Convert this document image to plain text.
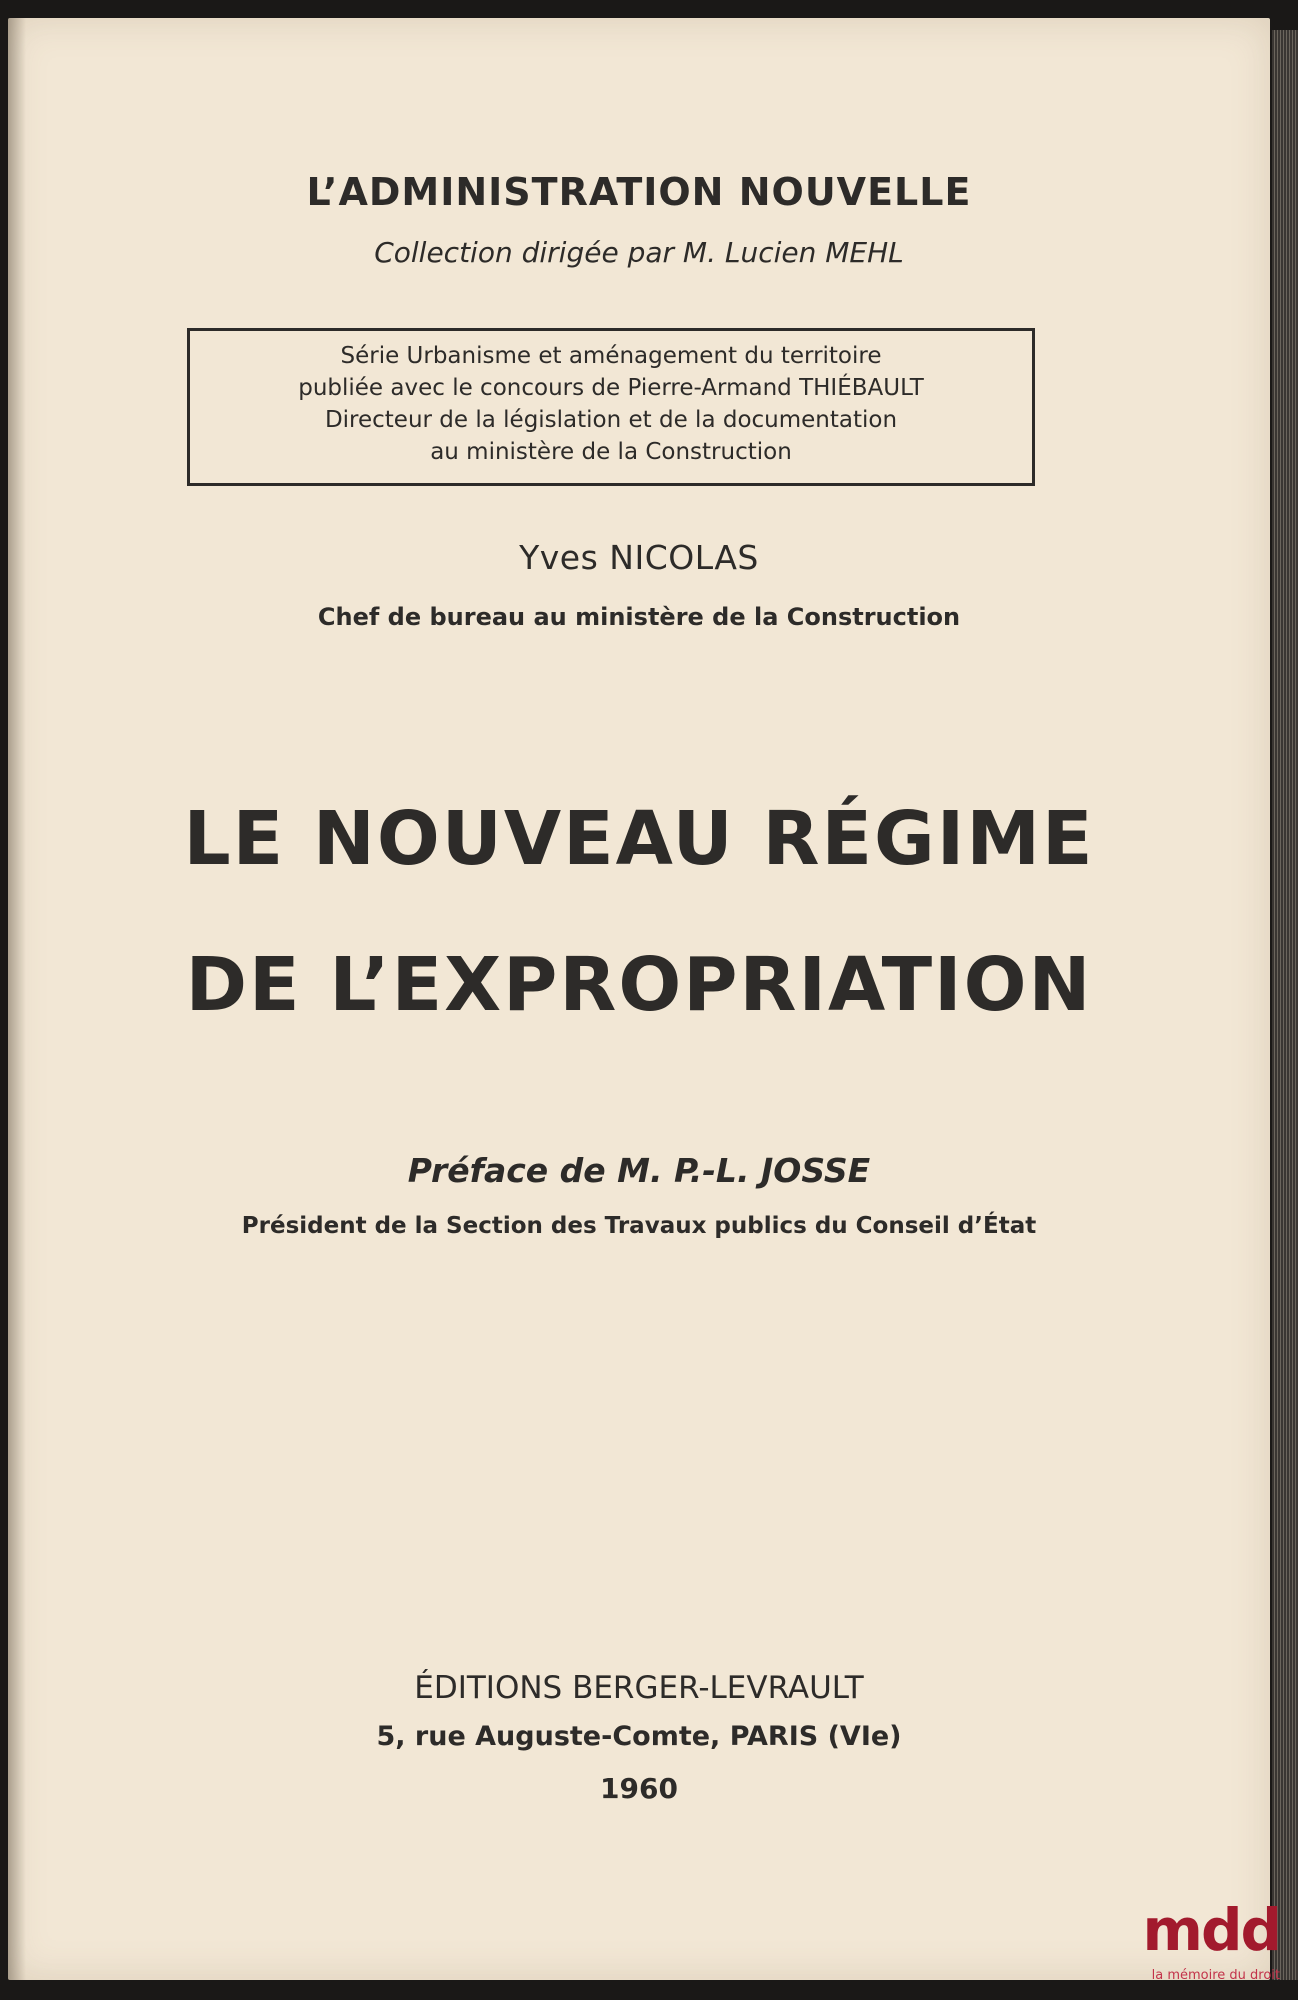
L’ADMINISTRATION NOUVELLE
Collection dirigée par M. Lucien MEHL
Série Urbanisme et aménagement du territoire
publiée avec le concours de Pierre-Armand THIÉBAULT
Directeur de la législation et de la documentation
au ministère de la Construction
Yves NICOLAS
Chef de bureau au ministère de la Construction
LE NOUVEAU RÉGIME
DE L’EXPROPRIATION
Préface de M. P.-L. JOSSE
Président de la Section des Travaux publics du Conseil d’État
ÉDITIONS BERGER-LEVRAULT
5, rue Auguste-Comte, PARIS (VIe)
1960
mdd
la mémoire du droit
